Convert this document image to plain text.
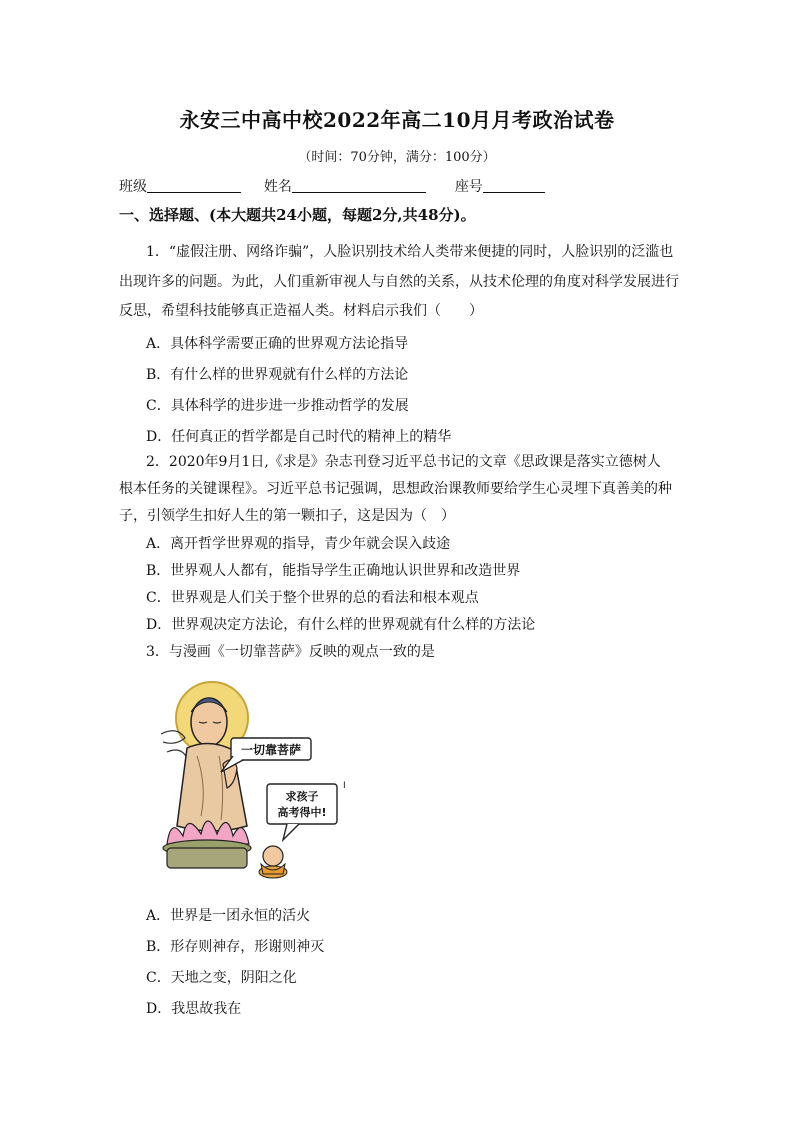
永安三中高中校2022年高二10月月考政治试卷
（时间：70分钟，满分：100分）
班级	姓名	座号
一、选择题、(本大题共24小题，每题2分,共48分)。
1．“虚假注册、网络诈骗”，人脸识别技术给人类带来便捷的同时，人脸识别的泛滥也
出现许多的问题。为此，人们重新审视人与自然的关系，从技术伦理的角度对科学发展进行
反思，希望科技能够真正造福人类。材料启示我们（　　）
A．具体科学需要正确的世界观方法论指导
B．有什么样的世界观就有什么样的方法论
C．具体科学的进步进一步推动哲学的发展
D．任何真正的哲学都是自己时代的精神上的精华
2．2020年9月1日,《求是》杂志刊登习近平总书记的文章《思政课是落实立德树人
根本任务的关键课程》。习近平总书记强调，思想政治课教师要给学生心灵埋下真善美的种
子，引领学生扣好人生的第一颗扣子，这是因为（　）
A．离开哲学世界观的指导，青少年就会误入歧途
B．世界观人人都有，能指导学生正确地认识世界和改造世界
C．世界观是人们关于整个世界的总的看法和根本观点
D．世界观决定方法论，有什么样的世界观就有什么样的方法论
3．与漫画《一切靠菩萨》反映的观点一致的是
一切靠菩萨
求孩子
高考得中!
I
A．世界是一团永恒的活火
B．形存则神存，形谢则神灭
C．天地之变，阴阳之化
D．我思故我在
